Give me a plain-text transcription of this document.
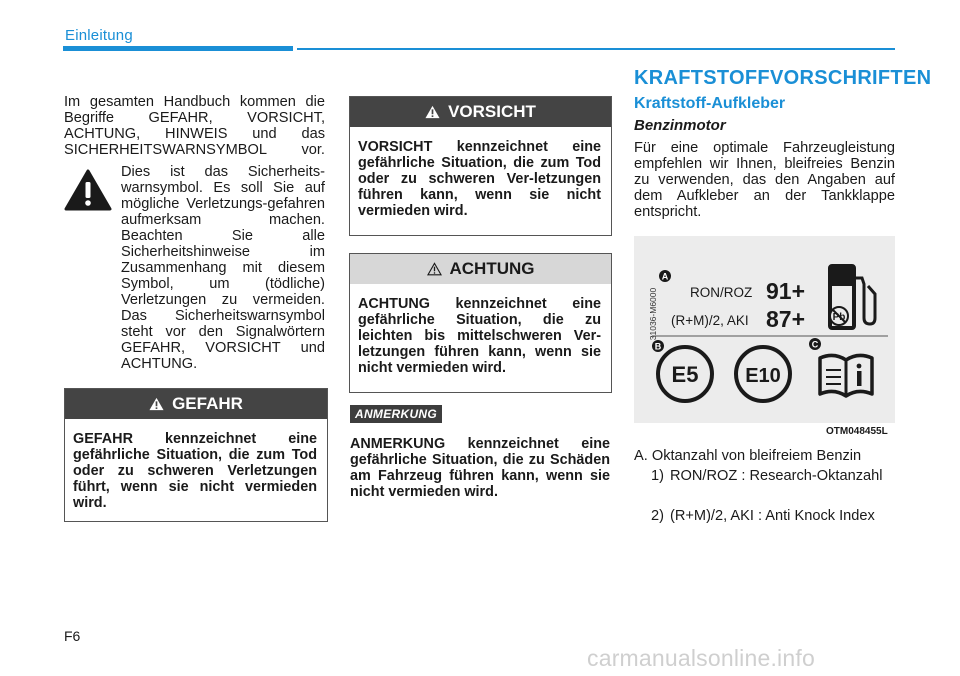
Einleitung
Im gesamten Handbuch kommen die Begriffe GEFAHR, VORSICHT, ACHTUNG, HINWEIS und das SICHERHEITSWARNSYMBOL vor.
Dies ist das Sicherheits-warnsymbol. Es soll Sie auf mögliche Verletzungs-gefahren aufmerksam machen. Beachten Sie alle Sicherheitshinweise im Zusammenhang mit diesem Symbol, um (tödliche) Verletzungen zu vermeiden. Das Sicherheitswarnsymbol steht vor den Signalwörtern GEFAHR, VORSICHT und ACHTUNG.
GEFAHR
GEFAHR kennzeichnet eine gefährliche Situation, die zum Tod oder zu schweren Verletzungen führt, wenn sie nicht vermieden wird.
VORSICHT
VORSICHT kennzeichnet eine gefährliche Situation, die zum Tod oder zu schweren Ver-letzungen führen kann, wenn sie nicht vermieden wird.
ACHTUNG
ACHTUNG kennzeichnet eine gefährliche Situation, die zu leichten bis mittelschweren Ver-letzungen führen kann, wenn sie nicht vermieden wird.
ANMERKUNG
ANMERKUNG kennzeichnet eine gefährliche Situation, die zu Schäden am Fahrzeug führen kann, wenn sie nicht vermieden wird.
KRAFTSTOFFVORSCHRIFTEN
Kraftstoff-Aufkleber
Benzinmotor
Für eine optimale Fahrzeugleistung empfehlen wir Ihnen, bleifreies Benzin zu verwenden, das den Angaben auf dem Aufkleber an der Tankklappe entspricht.
31036-M6000
A
RON/ROZ 91+
(R+M)/2, AKI 87+	Pb
B
E5 E10
C
OTM048455L
A. Oktanzahl von bleifreiem Benzin
1) RON/ROZ : Research-Oktanzahl
2) (R+M)/2, AKI : Anti Knock Index
F6
carmanualsonline.info
